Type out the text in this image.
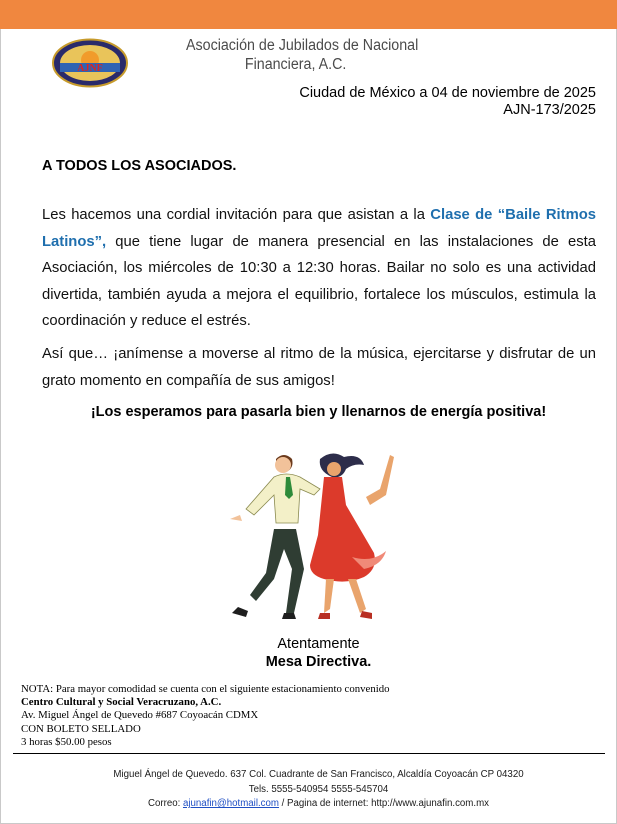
AJNF
Asociación de Jubilados de Nacional
Financiera, A.C.
Ciudad de México a 04 de noviembre de 2025
AJN-173/2025
A TODOS LOS ASOCIADOS.
Les hacemos una cordial invitación para que asistan a la Clase de “Baile Ritmos Latinos”, que tiene lugar de manera presencial en las instalaciones de esta Asociación, los miércoles de 10:30 a 12:30 horas. Bailar no solo es una actividad divertida, también ayuda a mejora el equilibrio, fortalece los músculos, estimula la coordinación y reduce el estrés.
Así que… ¡anímense a moverse al ritmo de la música, ejercitarse y disfrutar de un grato momento en compañía de sus amigos!
¡Los esperamos para pasarla bien y llenarnos de energía positiva!
Atentamente
Mesa Directiva.
NOTA: Para mayor comodidad se cuenta con el siguiente estacionamiento convenido
Centro Cultural y Social Veracruzano, A.C.
Av. Miguel Ángel de Quevedo #687 Coyoacán CDMX
CON BOLETO SELLADO
3 horas $50.00 pesos
Miguel Ángel de Quevedo. 637 Col. Cuadrante de San Francisco, Alcaldía Coyoacán CP 04320
Tels. 5555-540954 5555-545704
Correo: ajunafin@hotmail.com / Pagina de internet: http://www.ajunafin.com.mx
